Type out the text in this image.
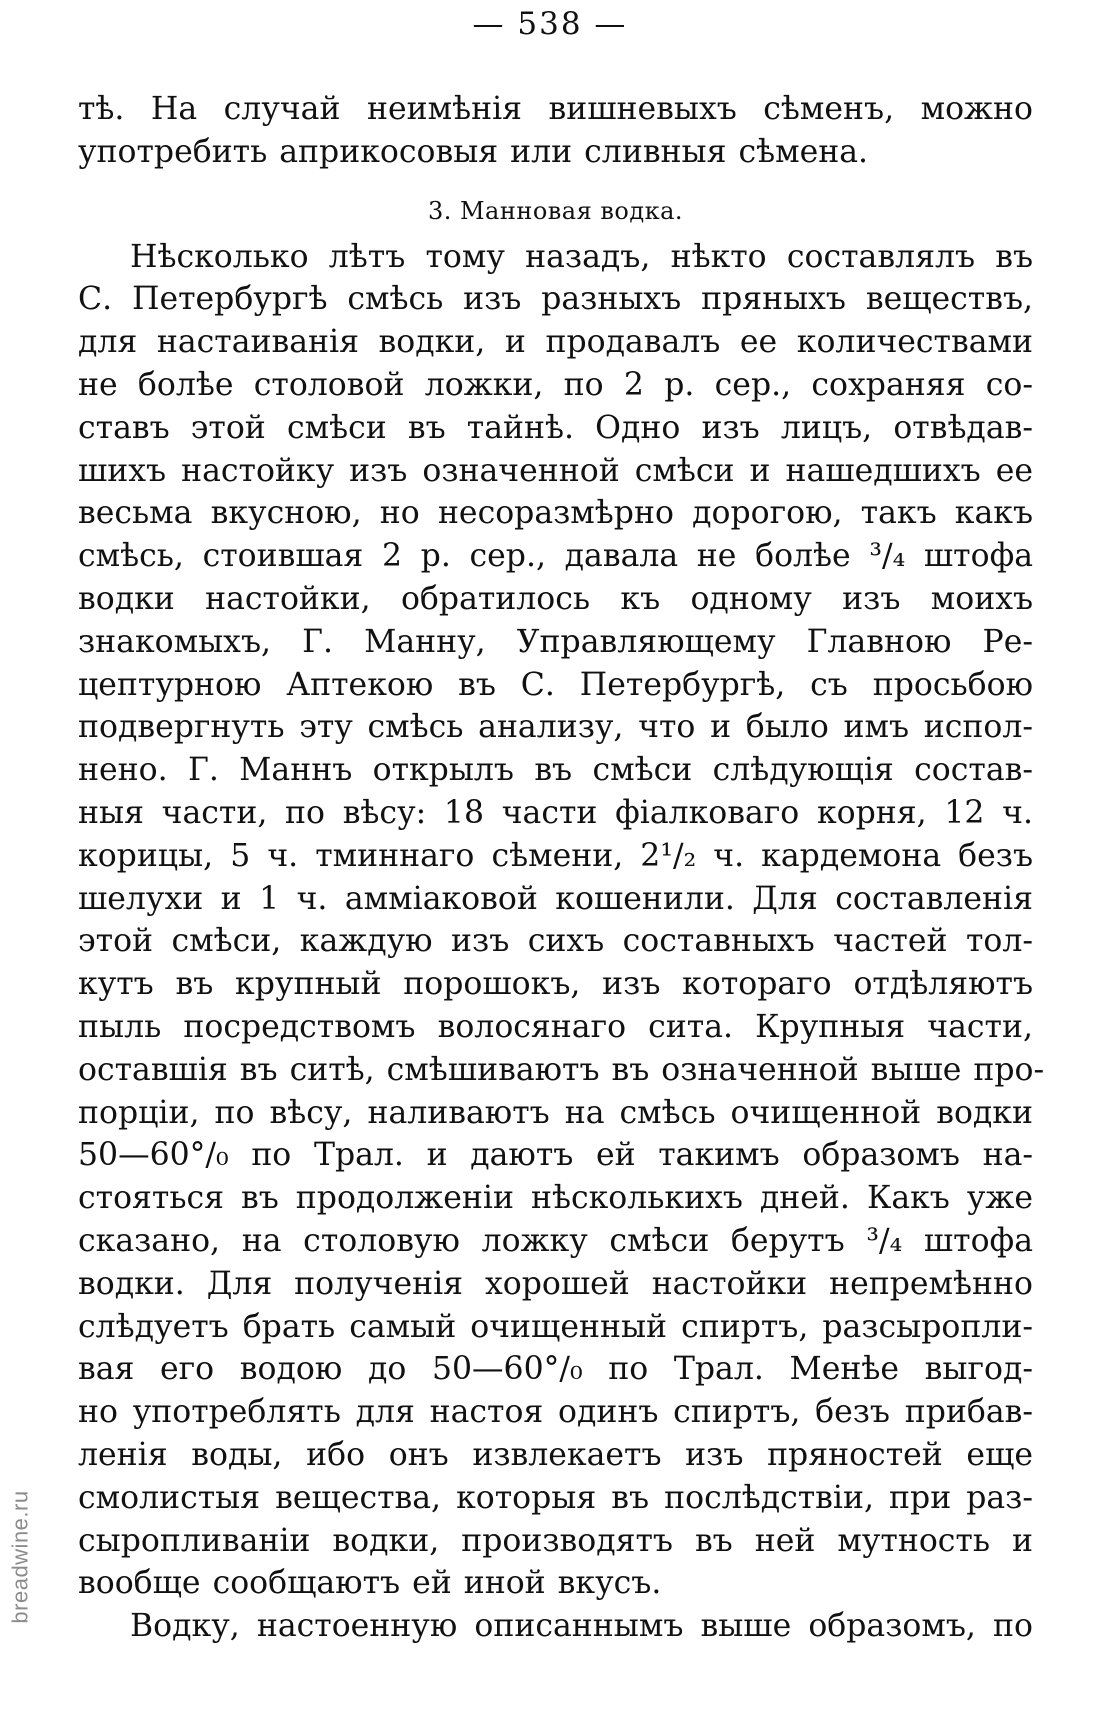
— 538 —
тѣ. На случай неимѣнія вишневыхъ сѣменъ, можно
употребить априкосовыя или сливныя сѣмена.
3. Манновая водка.
Нѣсколько лѣтъ тому назадъ, нѣкто составлялъ въ
С. Петербургѣ смѣсь изъ разныхъ пряныхъ веществъ,
для настаиванія водки, и продавалъ ее количествами
не болѣе столовой ложки, по 2 р. сер., сохраняя со-
ставъ этой смѣси въ тайнѣ. Одно изъ лицъ, отвѣдав-
шихъ настойку изъ означенной смѣси и нашедшихъ ее
весьма вкусною, но несоразмѣрно дорогою, такъ какъ
смѣсь, стоившая 2 р. сер., давала не болѣе ³/₄ штофа
водки настойки, обратилось къ одному изъ моихъ
знакомыхъ, Г. Манну, Управляющему Главною Ре-
цептурною Аптекою въ С. Петербургѣ, съ просьбою
подвергнуть эту смѣсь анализу, что и было имъ испол-
нено. Г. Маннъ открылъ въ смѣси слѣдующія состав-
ныя части, по вѣсу: 18 части фіалковаго корня, 12 ч.
корицы, 5 ч. тминнаго сѣмени, 2¹/₂ ч. кардемона безъ
шелухи и 1 ч. амміаковой кошенили. Для составленія
этой смѣси, каждую изъ сихъ составныхъ частей тол-
кутъ въ крупный порошокъ, изъ котораго отдѣляютъ
пыль посредствомъ волосянаго сита. Крупныя части,
оставшія въ ситѣ, смѣшиваютъ въ означенной выше про-
порціи, по вѣсу, наливаютъ на смѣсь очищенной водки
50—60°/₀ по Трал. и даютъ ей такимъ образомъ на-
стояться въ продолженіи нѣсколькихъ дней. Какъ уже
сказано, на столовую ложку смѣси берутъ ³/₄ штофа
водки. Для полученія хорошей настойки непремѣнно
слѣдуетъ брать самый очищенный спиртъ, разсыропли-
вая его водою до 50—60°/₀ по Трал. Менѣе выгод-
но употреблять для настоя одинъ спиртъ, безъ прибав-
ленія воды, ибо онъ извлекаетъ изъ пряностей еще
смолистыя вещества, которыя въ послѣдствіи, при раз-
сыропливаніи водки, производятъ въ ней мутность и
вообще сообщаютъ ей иной вкусъ.
Водку, настоенную описаннымъ выше образомъ, по
breadwine.ru
